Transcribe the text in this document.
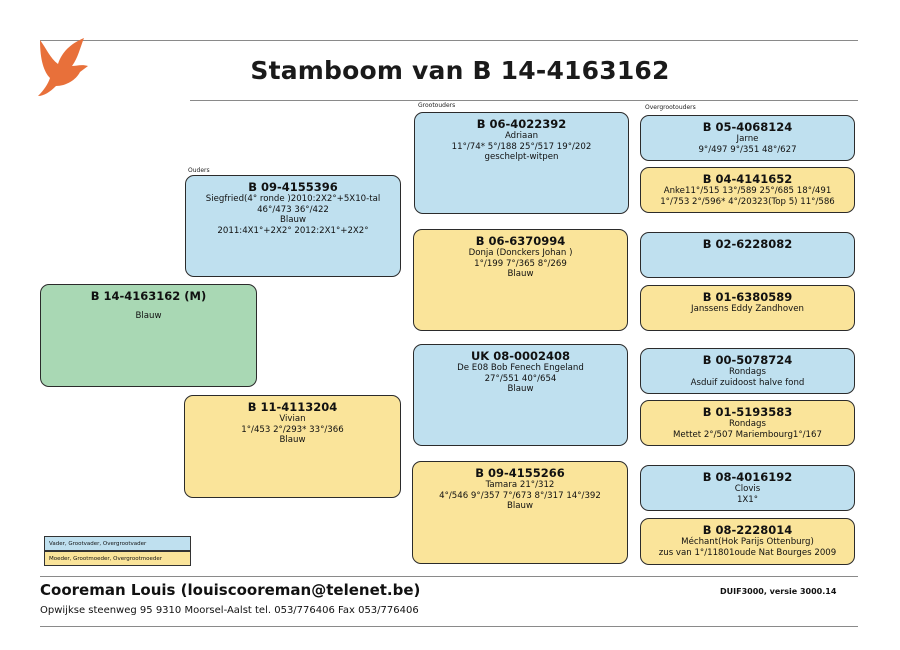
Stamboom van B 14-4163162
Ouders
Grootouders	Overgrootouders
B 14-4163162 (M)
Blauw
B 09-4155396
Siegfried(4° ronde )2010:2X2°+5X10-tal
46°/473 36°/422
Blauw
2011:4X1°+2X2° 2012:2X1°+2X2°
B 11-4113204
Vivian
1°/453 2°/293* 33°/366
Blauw
B 06-4022392
Adriaan
11°/74* 5°/188 25°/517 19°/202
geschelpt-witpen
B 06-6370994
Donja (Donckers Johan )
1°/199 7°/365 8°/269
Blauw
UK 08-0002408
De E08 Bob Fenech Engeland
27°/551 40°/654
Blauw
B 09-4155266
Tamara 21°/312
4°/546 9°/357 7°/673 8°/317 14°/392
Blauw
B 05-4068124
Jarne
9°/497 9°/351 48°/627
B 04-4141652
Anke11°/515 13°/589 25°/685 18°/491
1°/753 2°/596* 4°/20323(Top 5) 11°/586
B 02-6228082
B 01-6380589
Janssens Eddy Zandhoven
B 00-5078724
Rondags
Asduif zuidoost halve fond
B 01-5193583
Rondags
Mettet 2°/507 Mariembourg1°/167
B 08-4016192
Clovis
1X1°
B 08-2228014
Méchant(Hok Parijs Ottenburg)
zus van 1°/11801oude Nat Bourges 2009
Vader, Grootvader, Overgrootvader
Moeder, Grootmoeder, Overgrootmoeder
Cooreman Louis (louiscooreman@telenet.be)	DUIF3000, versie 3000.14
Opwijkse steenweg 95 9310 Moorsel-Aalst tel. 053/776406 Fax 053/776406
